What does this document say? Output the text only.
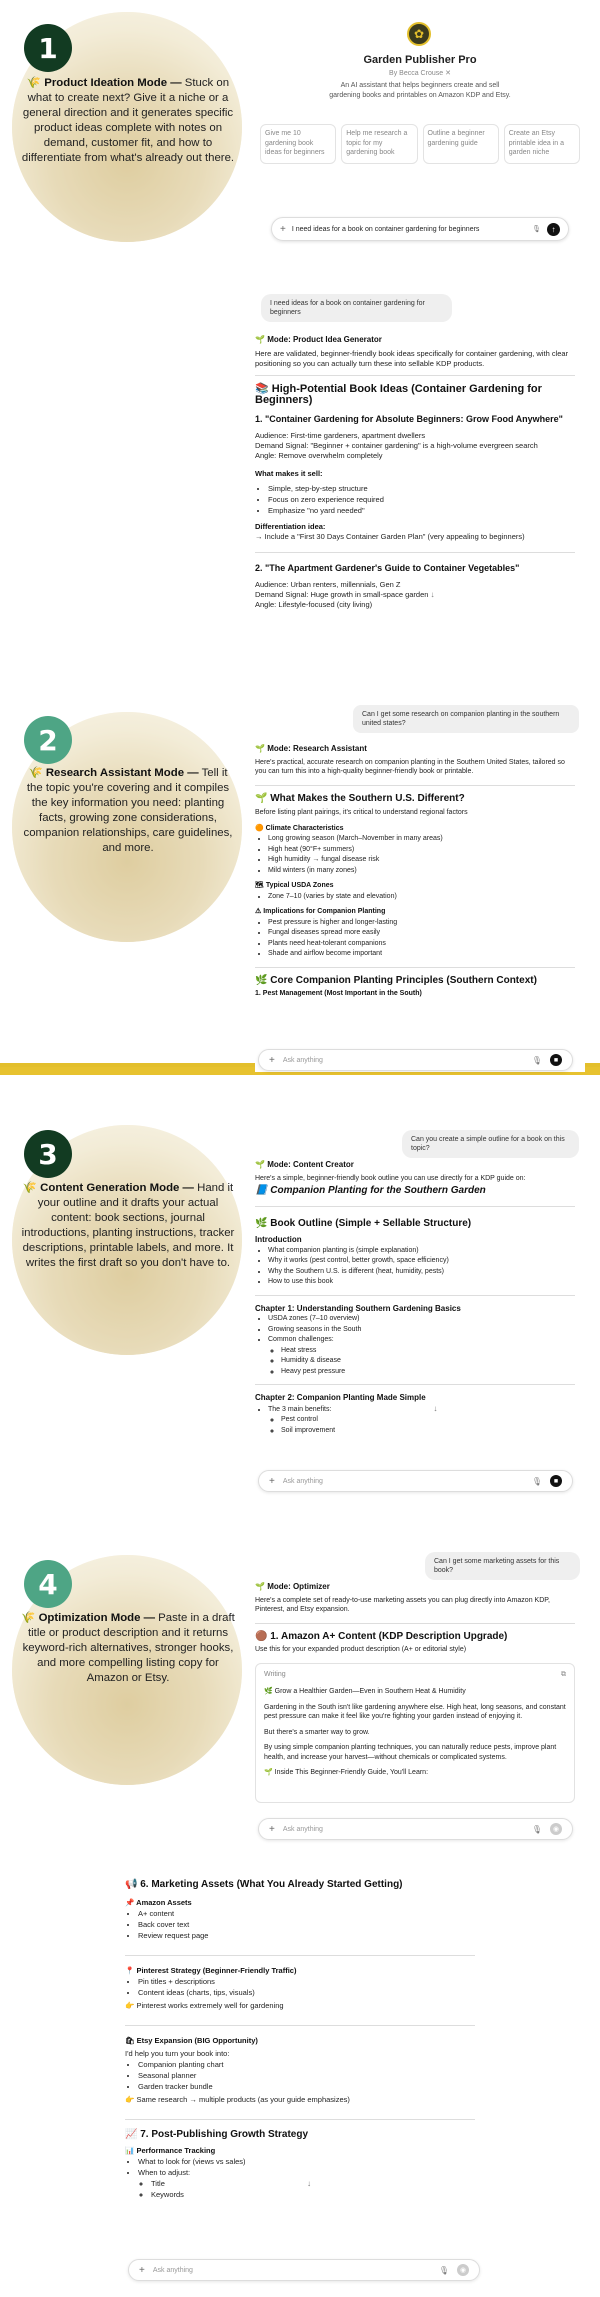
1
🌾 Product Ideation Mode — Stuck on what to create next? Give it a niche or a general direction and it generates specific product ideas complete with notes on demand, customer fit, and how to differentiate from what's already out there.
✿
Garden Publisher Pro
By Becca Crouse ✕
An AI assistant that helps beginners create and sell gardening books and printables on Amazon KDP and Etsy.
Give me 10 gardening book ideas for beginners
Help me research a topic for my gardening book
Outline a beginner gardening guide
Create an Etsy printable idea in a garden niche
+ I need ideas for a book on container gardening for beginners	🎙	↑
I need ideas for a book on container gardening for beginners
🌱 Mode: Product Idea Generator
Here are validated, beginner-friendly book ideas specifically for container gardening, with clear positioning so you can actually turn these into sellable KDP products.
📚 High-Potential Book Ideas (Container Gardening for Beginners)
1. "Container Gardening for Absolute Beginners: Grow Food Anywhere"
Audience: First-time gardeners, apartment dwellers
Demand Signal: "Beginner + container gardening" is a high-volume evergreen search
Angle: Remove overwhelm completely
What makes it sell:
• Simple, step-by-step structure
• Focus on zero experience required
• Emphasize "no yard needed"
Differentiation idea:
→ Include a "First 30 Days Container Garden Plan" (very appealing to beginners)
2. "The Apartment Gardener's Guide to Container Vegetables"
Audience: Urban renters, millennials, Gen Z
Demand Signal: Huge growth in small-space garden ↓
Angle: Lifestyle-focused (city living)
2
🌾 Research Assistant Mode — Tell it the topic you're covering and it compiles the key information you need: planting facts, growing zone considerations, companion relationships, care guidelines, and more.
Can I get some research on companion planting in the southern united states?
🌱 Mode: Research Assistant
Here's practical, accurate research on companion planting in the Southern United States, tailored so you can turn this into a high-quality beginner-friendly book or printable.
🌱 What Makes the Southern U.S. Different?
Before listing plant pairings, it's critical to understand regional factors
🟠 Climate Characteristics
• Long growing season (March–November in many areas)
• High heat (90°F+ summers)
• High humidity → fungal disease risk
• Mild winters (in many zones)
🗺 Typical USDA Zones
• Zone 7–10 (varies by state and elevation)
⚠ Implications for Companion Planting
• Pest pressure is higher and longer-lasting
• Fungal diseases spread more easily
• Plants need heat-tolerant companions
• Shade and airflow become important
🌿 Core Companion Planting Principles (Southern Context)
1. Pest Management (Most Important in the South)
+ Ask anything	🎙	■
3
🌾 Content Generation Mode — Hand it your outline and it drafts your actual content: book sections, journal introductions, planting instructions, tracker descriptions, printable labels, and more. It writes the first draft so you don't have to.
Can you create a simple outline for a book on this topic?
🌱 Mode: Content Creator
Here's a simple, beginner-friendly book outline you can use directly for a KDP guide on:
📘 Companion Planting for the Southern Garden
🌿 Book Outline (Simple + Sellable Structure)
Introduction
• What companion planting is (simple explanation)
• Why it works (pest control, better growth, space efficiency)
• Why the Southern U.S. is different (heat, humidity, pests)
• How to use this book
Chapter 1: Understanding Southern Gardening Basics
• USDA zones (7–10 overview)
• Growing seasons in the South
• Common challenges:
◦ Heat stress
◦ Humidity & disease
◦ Heavy pest pressure
Chapter 2: Companion Planting Made Simple
• The 3 main benefits:	↓
◦ Pest control
◦ Soil improvement
+ Ask anything	🎙	■
4
🌾 Optimization Mode — Paste in a draft title or product description and it returns keyword-rich alternatives, stronger hooks, and more compelling listing copy for Amazon or Etsy.
Can I get some marketing assets for this book?
🌱 Mode: Optimizer
Here's a complete set of ready-to-use marketing assets you can plug directly into Amazon KDP, Pinterest, and Etsy expansion.
🟤 1. Amazon A+ Content (KDP Description Upgrade)
Use this for your expanded product description (A+ or editorial style)
Writing	⧉
🌿 Grow a Healthier Garden—Even in Southern Heat & Humidity
Gardening in the South isn't like gardening anywhere else. High heat, long seasons, and constant pest pressure can make it feel like you're fighting your garden instead of enjoying it.
But there's a smarter way to grow.
By using simple companion planting techniques, you can naturally reduce pests, improve plant health, and increase your harvest—without chemicals or complicated systems.
🌱 Inside This Beginner-Friendly Guide, You'll Learn:
+ Ask anything	🎙	◉
📢 6. Marketing Assets (What You Already Started Getting)
📌 Amazon Assets
• A+ content
• Back cover text
• Review request page
📍 Pinterest Strategy (Beginner-Friendly Traffic)
• Pin titles + descriptions
• Content ideas (charts, tips, visuals)
👉 Pinterest works extremely well for gardening
🛍 Etsy Expansion (BIG Opportunity)
I'd help you turn your book into:
• Companion planting chart
• Seasonal planner
• Garden tracker bundle
👉 Same research → multiple products (as your guide emphasizes)
📈 7. Post-Publishing Growth Strategy
📊 Performance Tracking
• What to look for (views vs sales)
• When to adjust:
◦ Title	↓
◦ Keywords
+ Ask anything	🎙	◉
